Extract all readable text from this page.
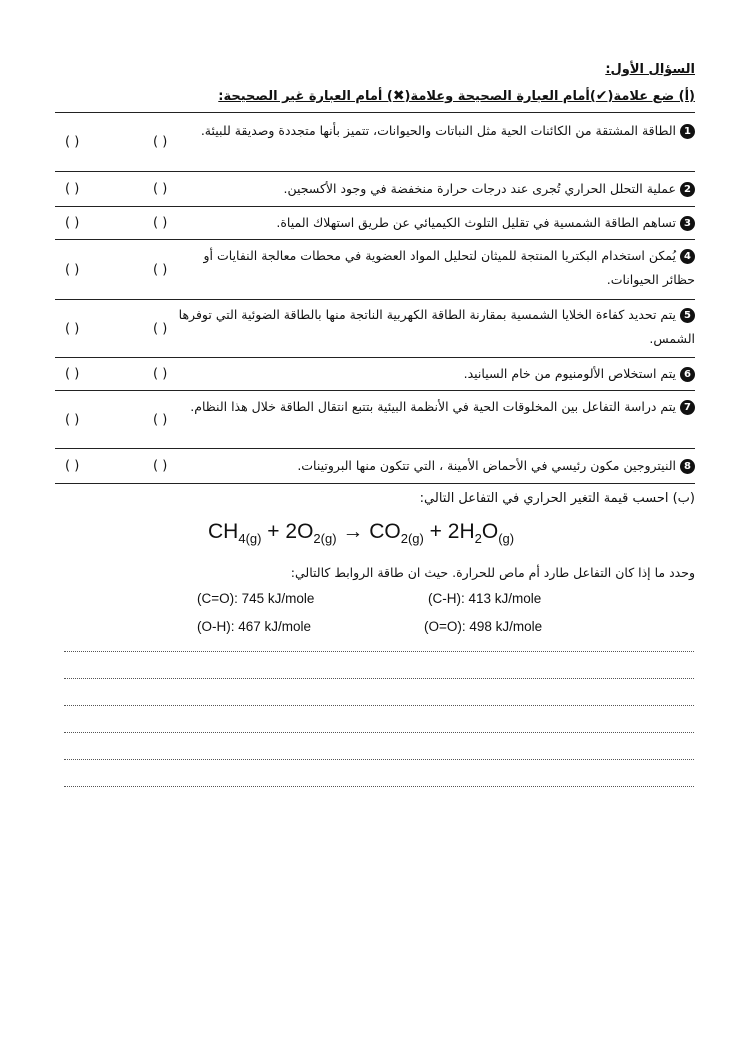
السؤال الأول:
(أ) ضع علامة(✔)أمام العبارة الصحيحة وعلامة(✖) أمام العبارة غير الصحيحة:
1الطاقة المشتقة من الكائنات الحية مثل النباتات والحيوانات، تتميز بأنها متجددة وصديقة للبيئة.
( )
( )
2عملية التحلل الحراري تُجرى عند درجات حرارة منخفضة في وجود الأكسجين.
( )
( )
3تساهم الطاقة الشمسية في تقليل التلوث الكيميائي عن طريق استهلاك المياة.
( )
( )
4يُمكن استخدام البكتريا المنتجة للميثان لتحليل المواد العضوية في محطات معالجة النفايات أو حظائر الحيوانات.
( )
( )
5يتم تحديد كفاءة الخلايا الشمسية بمقارنة الطاقة الكهربية الناتجة منها بالطاقة الضوئية التي توفرها الشمس.
( )
( )
6يتم استخلاص الألومنيوم من خام السيانيد.
( )
( )
7يتم دراسة التفاعل بين المخلوقات الحية في الأنظمة البيئية بتتبع انتقال الطاقة خلال هذا النظام.
( )
( )
8النيتروجين مكون رئيسي في الأحماض الأمينة ، التي تتكون منها البروتينات.
( )
( )
(ب) احسب قيمة التغير الحراري في التفاعل التالي:
$CH_{4(g)} + 2O_{2(g)} \to CO_{2(g)} + 2H_2O_{(g)}$
وحدد ما إذا كان التفاعل طارد أم ماص للحرارة. حيث ان طاقة الروابط كالتالي:
(C=O): 745 kJ/mole	(C-H): 413 kJ/mole
(O-H): 467 kJ/mole	(O=O): 498 kJ/mole
